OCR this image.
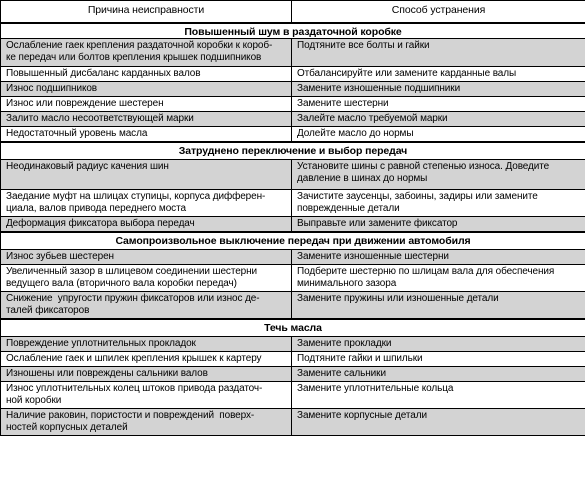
Причина неисправности	Способ устранения
Повышенный шум в раздаточной коробке	
Ослабление гаек крепления раздаточной коробки к короб-
ке передач или болтов крепления крышек подшипников	Подтяните все болты и гайки
Повышенный дисбаланс карданных валов	Отбалансируйте или замените карданные валы
Износ подшипников	Замените изношенные подшипники
Износ или повреждение шестерен	Замените шестерни
Залито масло несоответствующей марки	Залейте масло требуемой марки
Недостаточный уровень масла	Долейте масло до нормы
Затруднено переключение и выбор передач	
Неодинаковый радиус качения шин	Установите шины с равной степенью износа. Доведите
давление в шинах до нормы
Заедание муфт на шлицах ступицы, корпуса дифферен-
циала, валов привода переднего моста	Зачистите заусенцы, забоины, задиры или замените
поврежденные детали
Деформация фиксатора выбора передач	Выправьте или замените фиксатор
Самопроизвольное выключение передач при движении автомобиля	
Износ зубьев шестерен	Замените изношенные шестерни
Увеличенный зазор в шлицевом соединении шестерни
ведущего вала (вторичного вала коробки передач)	Подберите шестерню по шлицам вала для обеспечения
минимального зазора
Снижение  упругости пружин фиксаторов или износ де-
талей фиксаторов	Замените пружины или изношенные детали
Течь масла	
Повреждение уплотнительных прокладок	Замените прокладки
Ослабление гаек и шпилек крепления крышек к картеру	Подтяните гайки и шпильки
Изношены или повреждены сальники валов	Замените сальники
Износ уплотнительных колец штоков привода раздаточ-
ной коробки	Замените уплотнительные кольца
Наличие раковин, пористости и повреждений  поверх-
ностей корпусных деталей	Замените корпусные детали
